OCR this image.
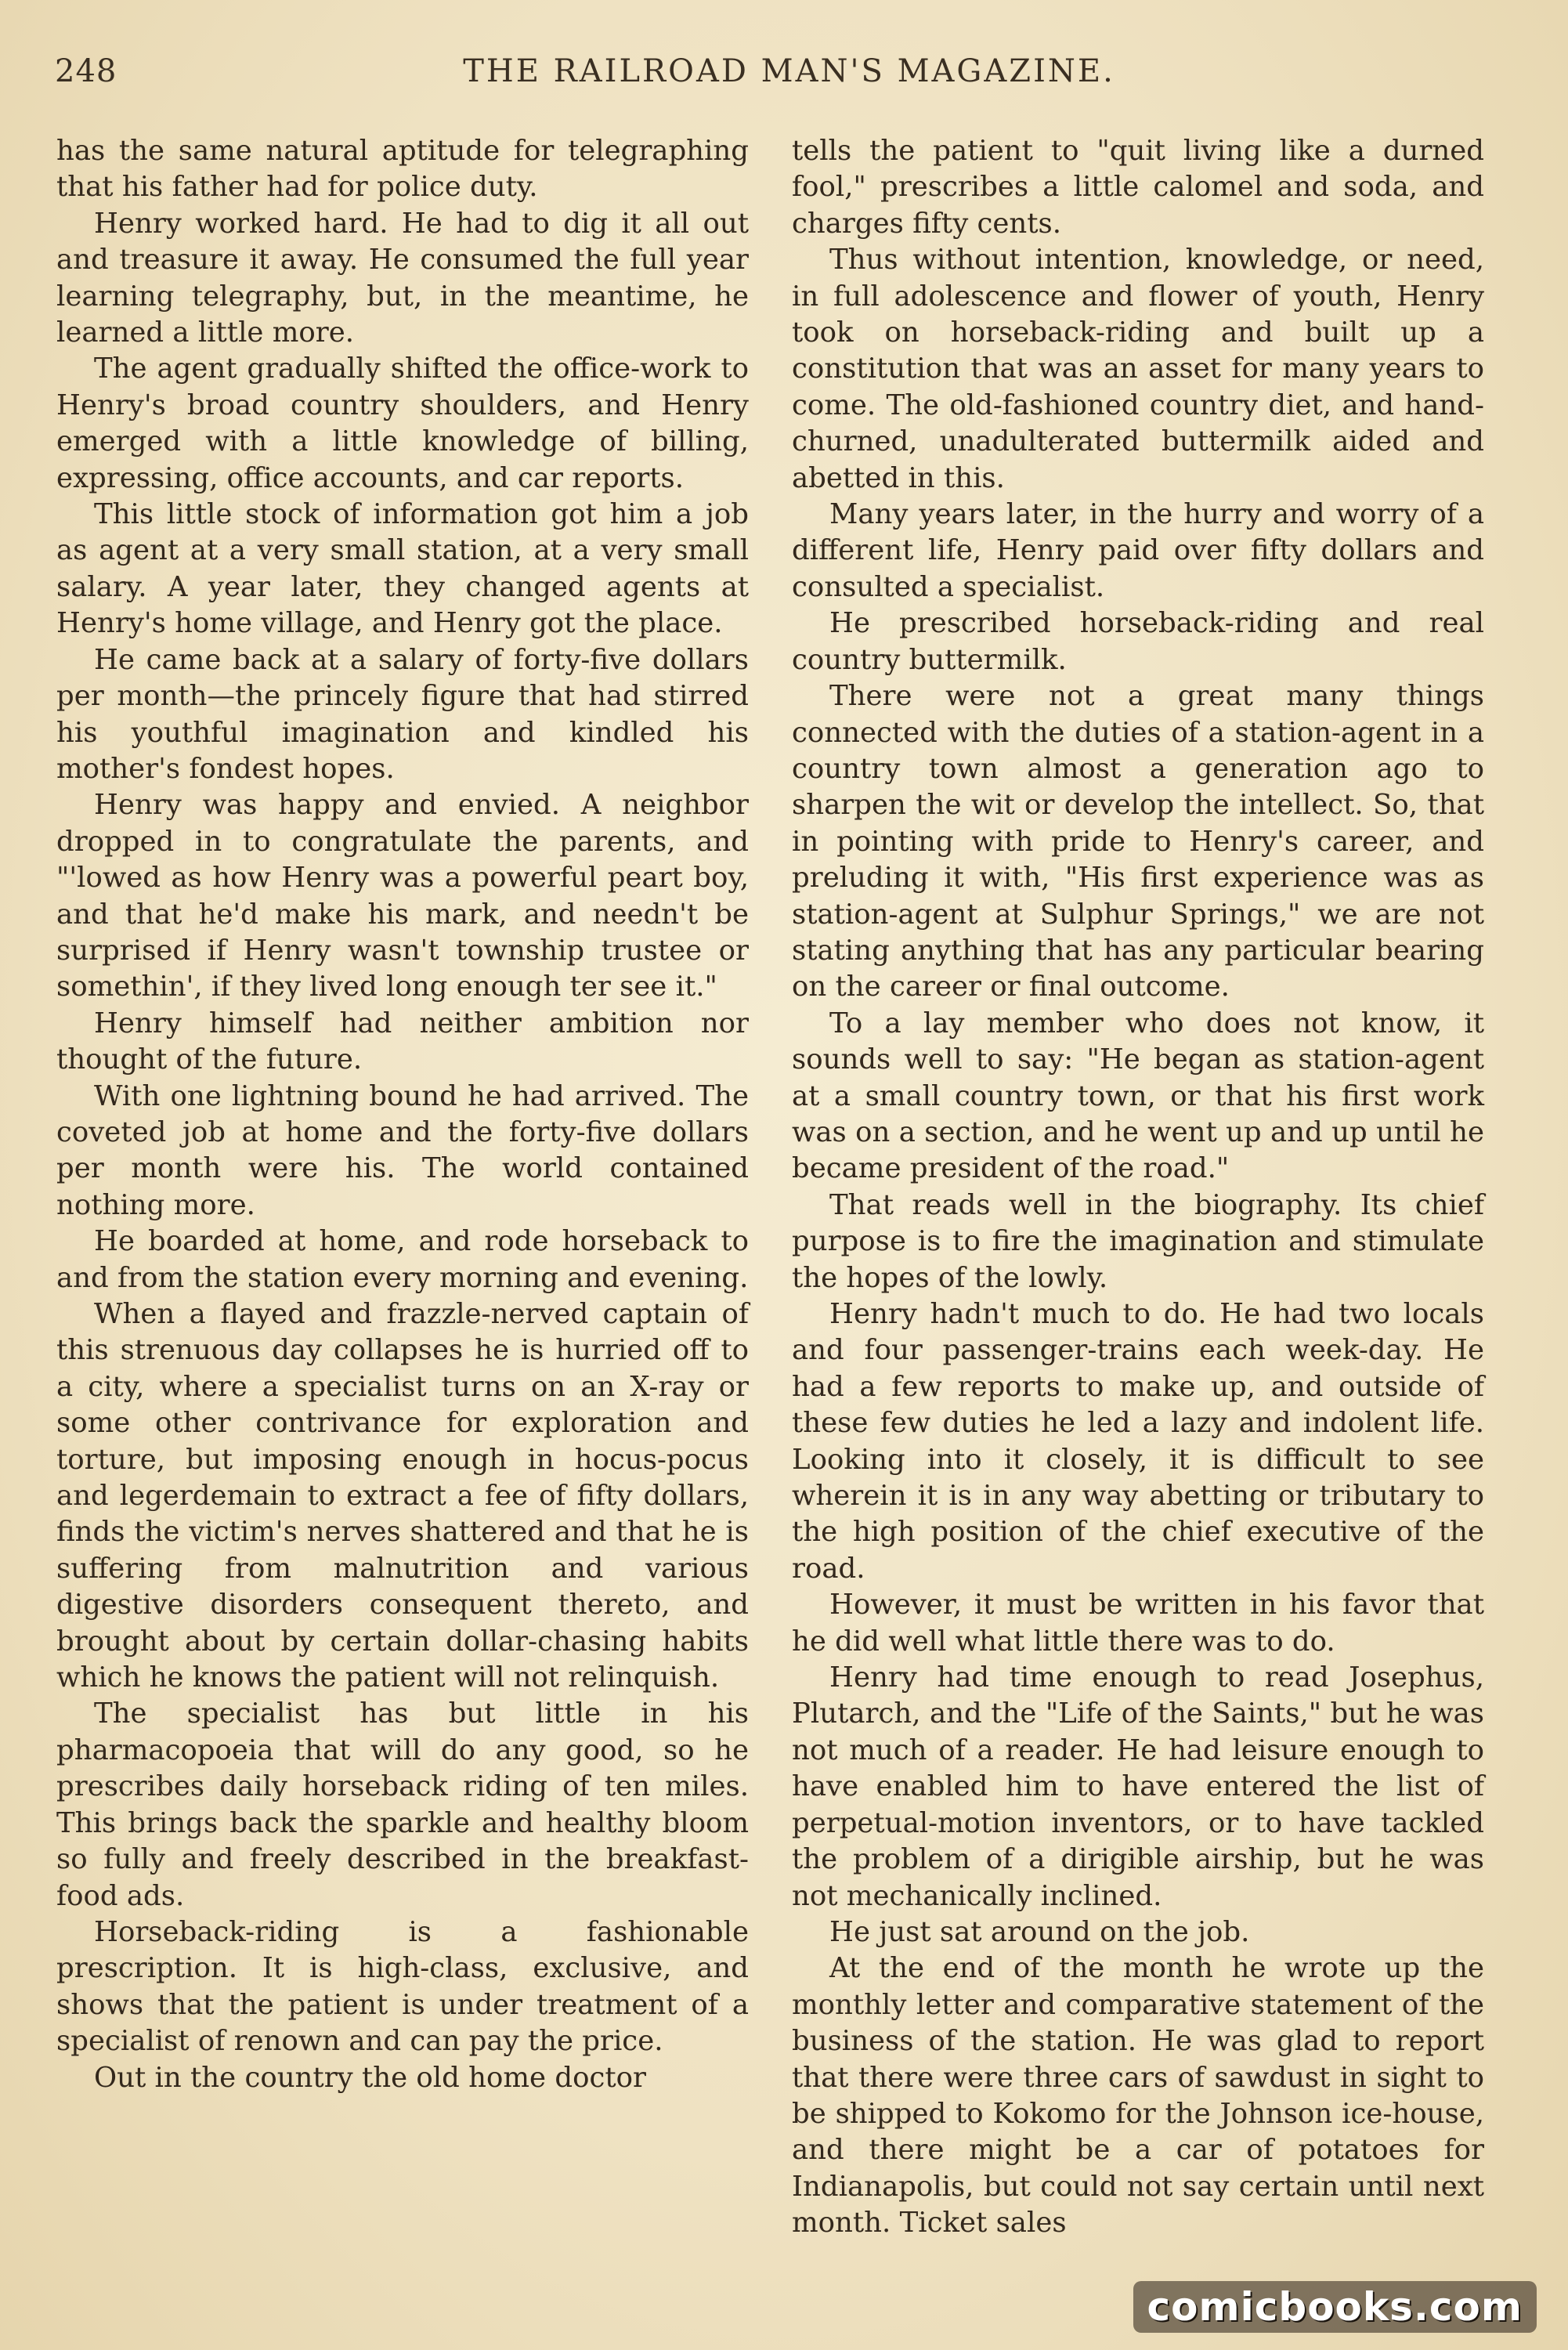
248	THE RAILROAD MAN'S MAGAZINE.

has the same natural aptitude for telegraphing that his father had for police duty.

Henry worked hard. He had to dig it all out and treasure it away. He consumed the full year learning telegraphy, but, in the meantime, he learned a little more.

The agent gradually shifted the office-work to Henry's broad country shoulders, and Henry emerged with a little knowledge of billing, expressing, office accounts, and car reports.

This little stock of information got him a job as agent at a very small station, at a very small salary. A year later, they changed agents at Henry's home village, and Henry got the place.

He came back at a salary of forty-five dollars per month—the princely figure that had stirred his youthful imagination and kindled his mother's fondest hopes.

Henry was happy and envied. A neighbor dropped in to congratulate the parents, and "'lowed as how Henry was a powerful peart boy, and that he'd make his mark, and needn't be surprised if Henry wasn't township trustee or somethin', if they lived long enough ter see it."

Henry himself had neither ambition nor thought of the future.

With one lightning bound he had arrived. The coveted job at home and the forty-five dollars per month were his. The world contained nothing more.

He boarded at home, and rode horseback to and from the station every morning and evening.

When a flayed and frazzle-nerved captain of this strenuous day collapses he is hurried off to a city, where a specialist turns on an X-ray or some other contrivance for exploration and torture, but imposing enough in hocus-pocus and legerdemain to extract a fee of fifty dollars, finds the victim's nerves shattered and that he is suffering from malnutrition and various digestive disorders consequent thereto, and brought about by certain dollar-chasing habits which he knows the patient will not relinquish.

The specialist has but little in his pharmacopoeia that will do any good, so he prescribes daily horseback riding of ten miles. This brings back the sparkle and healthy bloom so fully and freely described in the breakfast-food ads.

Horseback-riding is a fashionable prescription. It is high-class, exclusive, and shows that the patient is under treatment of a specialist of renown and can pay the price.

Out in the country the old home doctor

tells the patient to "quit living like a durned fool," prescribes a little calomel and soda, and charges fifty cents.

Thus without intention, knowledge, or need, in full adolescence and flower of youth, Henry took on horseback-riding and built up a constitution that was an asset for many years to come. The old-fashioned country diet, and hand-churned, unadulterated buttermilk aided and abetted in this.

Many years later, in the hurry and worry of a different life, Henry paid over fifty dollars and consulted a specialist.

He prescribed horseback-riding and real country buttermilk.

There were not a great many things connected with the duties of a station-agent in a country town almost a generation ago to sharpen the wit or develop the intellect. So, that in pointing with pride to Henry's career, and preluding it with, "His first experience was as station-agent at Sulphur Springs," we are not stating anything that has any particular bearing on the career or final outcome.

To a lay member who does not know, it sounds well to say: "He began as station-agent at a small country town, or that his first work was on a section, and he went up and up until he became president of the road."

That reads well in the biography. Its chief purpose is to fire the imagination and stimulate the hopes of the lowly.

Henry hadn't much to do. He had two locals and four passenger-trains each week-day. He had a few reports to make up, and outside of these few duties he led a lazy and indolent life. Looking into it closely, it is difficult to see wherein it is in any way abetting or tributary to the high position of the chief executive of the road.

However, it must be written in his favor that he did well what little there was to do.

Henry had time enough to read Josephus, Plutarch, and the "Life of the Saints," but he was not much of a reader. He had leisure enough to have enabled him to have entered the list of perpetual-motion inventors, or to have tackled the problem of a dirigible airship, but he was not mechanically inclined.

He just sat around on the job.

At the end of the month he wrote up the monthly letter and comparative statement of the business of the station. He was glad to report that there were three cars of sawdust in sight to be shipped to Kokomo for the Johnson ice-house, and there might be a car of potatoes for Indianapolis, but could not say certain until next month. Ticket sales

comicbooks.com
